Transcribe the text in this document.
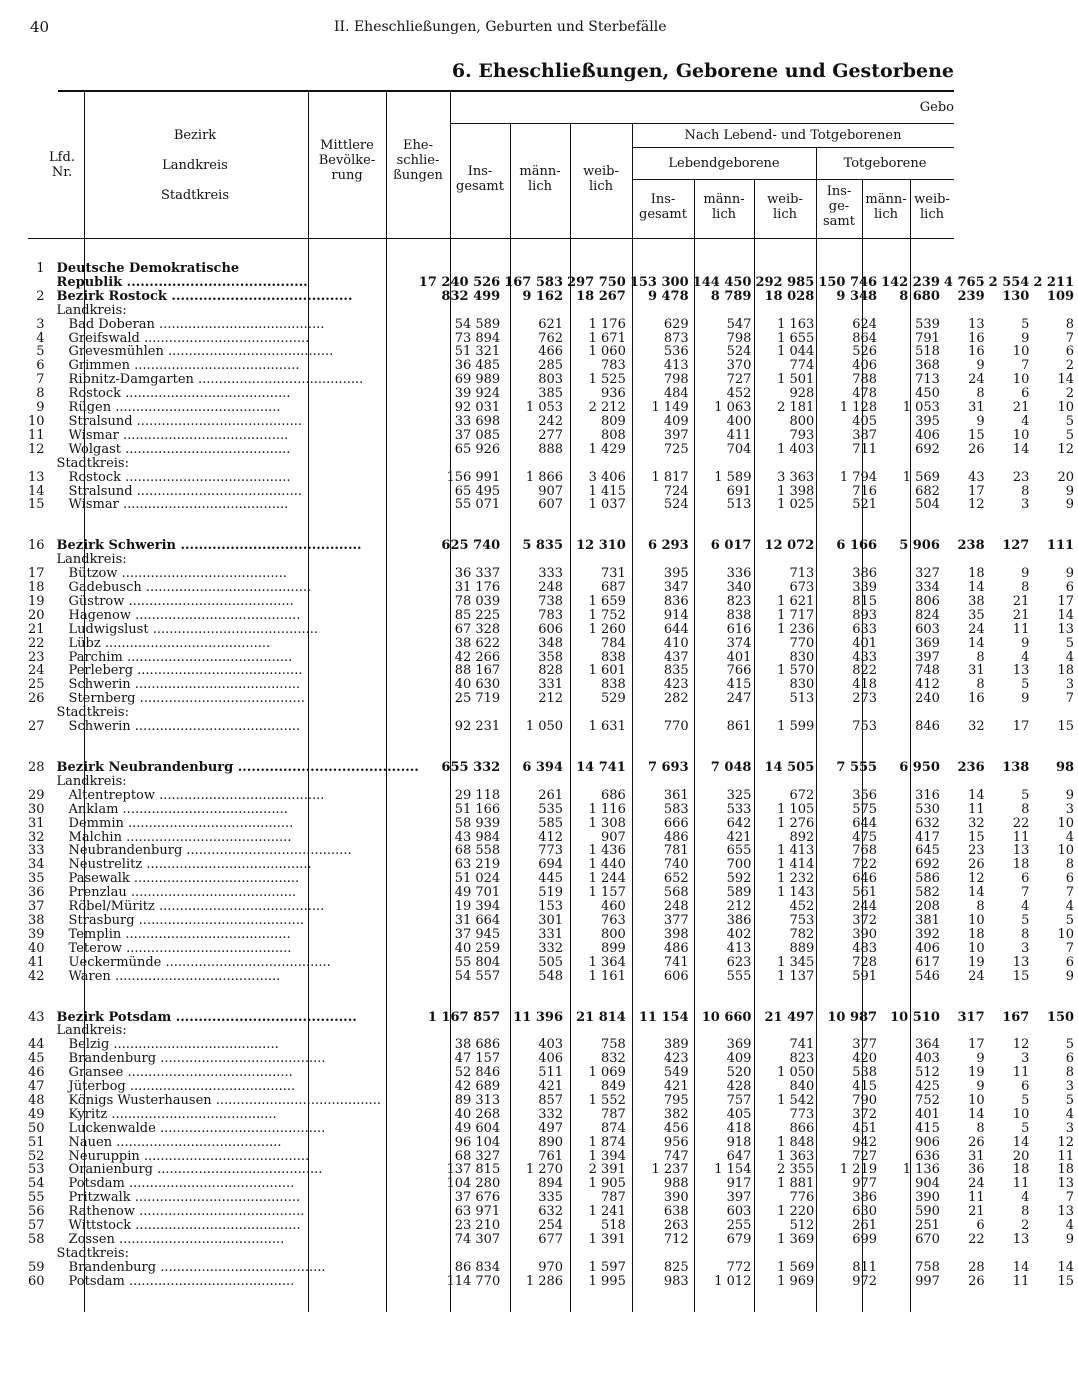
40	II. Eheschließungen, Geburten und Sterbefälle
6. Eheschließungen, Geborene und Gestorbene
Lfd.
Nr.
Bezirk

Landkreis

Stadtkreis
Mittlere
Bevölke-
rung
Ehe-
schlie-
ßungen
Gebo
Ins-
gesamt
männ-
lich
weib-
lich
Nach Lebend- und Totgeborenen
Lebendgeborene	Totgeborene
Ins-
gesamt
männ-
lich
weib-
lich
Ins-
ge-
samt
männ-
lich
weib-
lich
1	Deutsche Demokratische											
	Republik ........................................	17 240 526	167 583	297 750	153 300	144 450	292 985	150 746	142 239	4 765	2 554	2 211
2	Bezirk Rostock ........................................	832 499	9 162	18 267	9 478	8 789	18 028	9 348	8 680	239	130	109
	Landkreis:											
3	Bad Doberan ........................................	54 589	621	1 176	629	547	1 163	624	539	13	5	8
4	Greifswald ........................................	73 894	762	1 671	873	798	1 655	864	791	16	9	7
5	Grevesmühlen ........................................	51 321	466	1 060	536	524	1 044	526	518	16	10	6
6	Grimmen ........................................	36 485	285	783	413	370	774	406	368	9	7	2
7	Ribnitz-Damgarten ........................................	69 989	803	1 525	798	727	1 501	788	713	24	10	14
8	Rostock ........................................	39 924	385	936	484	452	928	478	450	8	6	2
9	Rügen ........................................	92 031	1 053	2 212	1 149	1 063	2 181	1 128	1 053	31	21	10
10	Stralsund ........................................	33 698	242	809	409	400	800	405	395	9	4	5
11	Wismar ........................................	37 085	277	808	397	411	793	387	406	15	10	5
12	Wolgast ........................................	65 926	888	1 429	725	704	1 403	711	692	26	14	12
	Stadtkreis:											
13	Rostock ........................................	156 991	1 866	3 406	1 817	1 589	3 363	1 794	1 569	43	23	20
14	Stralsund ........................................	65 495	907	1 415	724	691	1 398	716	682	17	8	9
15	Wismar ........................................	55 071	607	1 037	524	513	1 025	521	504	12	3	9

16	Bezirk Schwerin ........................................	625 740	5 835	12 310	6 293	6 017	12 072	6 166	5 906	238	127	111
	Landkreis:											
17	Bützow ........................................	36 337	333	731	395	336	713	386	327	18	9	9
18	Gadebusch ........................................	31 176	248	687	347	340	673	339	334	14	8	6
19	Güstrow ........................................	78 039	738	1 659	836	823	1 621	815	806	38	21	17
20	Hagenow ........................................	85 225	783	1 752	914	838	1 717	893	824	35	21	14
21	Ludwigslust ........................................	67 328	606	1 260	644	616	1 236	633	603	24	11	13
22	Lübz ........................................	38 622	348	784	410	374	770	401	369	14	9	5
23	Parchim ........................................	42 266	358	838	437	401	830	433	397	8	4	4
24	Perleberg ........................................	88 167	828	1 601	835	766	1 570	822	748	31	13	18
25	Schwerin ........................................	40 630	331	838	423	415	830	418	412	8	5	3
26	Sternberg ........................................	25 719	212	529	282	247	513	273	240	16	9	7
	Stadtkreis:											
27	Schwerin ........................................	92 231	1 050	1 631	770	861	1 599	753	846	32	17	15

28	Bezirk Neubrandenburg ........................................	655 332	6 394	14 741	7 693	7 048	14 505	7 555	6 950	236	138	98
	Landkreis:											
29	Altentreptow ........................................	29 118	261	686	361	325	672	356	316	14	5	9
30	Anklam ........................................	51 166	535	1 116	583	533	1 105	575	530	11	8	3
31	Demmin ........................................	58 939	585	1 308	666	642	1 276	644	632	32	22	10
32	Malchin ........................................	43 984	412	907	486	421	892	475	417	15	11	4
33	Neubrandenburg ........................................	68 558	773	1 436	781	655	1 413	768	645	23	13	10
34	Neustrelitz ........................................	63 219	694	1 440	740	700	1 414	722	692	26	18	8
35	Pasewalk ........................................	51 024	445	1 244	652	592	1 232	646	586	12	6	6
36	Prenzlau ........................................	49 701	519	1 157	568	589	1 143	561	582	14	7	7
37	Röbel/Müritz ........................................	19 394	153	460	248	212	452	244	208	8	4	4
38	Strasburg ........................................	31 664	301	763	377	386	753	372	381	10	5	5
39	Templin ........................................	37 945	331	800	398	402	782	390	392	18	8	10
40	Teterow ........................................	40 259	332	899	486	413	889	483	406	10	3	7
41	Ueckermünde ........................................	55 804	505	1 364	741	623	1 345	728	617	19	13	6
42	Waren ........................................	54 557	548	1 161	606	555	1 137	591	546	24	15	9

43	Bezirk Potsdam ........................................	1 167 857	11 396	21 814	11 154	10 660	21 497	10 987	10 510	317	167	150
	Landkreis:											
44	Belzig ........................................	38 686	403	758	389	369	741	377	364	17	12	5
45	Brandenburg ........................................	47 157	406	832	423	409	823	420	403	9	3	6
46	Gransee ........................................	52 846	511	1 069	549	520	1 050	538	512	19	11	8
47	Jüterbog ........................................	42 689	421	849	421	428	840	415	425	9	6	3
48	Königs Wusterhausen ........................................	89 313	857	1 552	795	757	1 542	790	752	10	5	5
49	Kyritz ........................................	40 268	332	787	382	405	773	372	401	14	10	4
50	Luckenwalde ........................................	49 604	497	874	456	418	866	451	415	8	5	3
51	Nauen ........................................	96 104	890	1 874	956	918	1 848	942	906	26	14	12
52	Neuruppin ........................................	68 327	761	1 394	747	647	1 363	727	636	31	20	11
53	Oranienburg ........................................	137 815	1 270	2 391	1 237	1 154	2 355	1 219	1 136	36	18	18
54	Potsdam ........................................	104 280	894	1 905	988	917	1 881	977	904	24	11	13
55	Pritzwalk ........................................	37 676	335	787	390	397	776	386	390	11	4	7
56	Rathenow ........................................	63 971	632	1 241	638	603	1 220	630	590	21	8	13
57	Wittstock ........................................	23 210	254	518	263	255	512	261	251	6	2	4
58	Zossen ........................................	74 307	677	1 391	712	679	1 369	699	670	22	13	9
	Stadtkreis:											
59	Brandenburg ........................................	86 834	970	1 597	825	772	1 569	811	758	28	14	14
60	Potsdam ........................................	114 770	1 286	1 995	983	1 012	1 969	972	997	26	11	15
